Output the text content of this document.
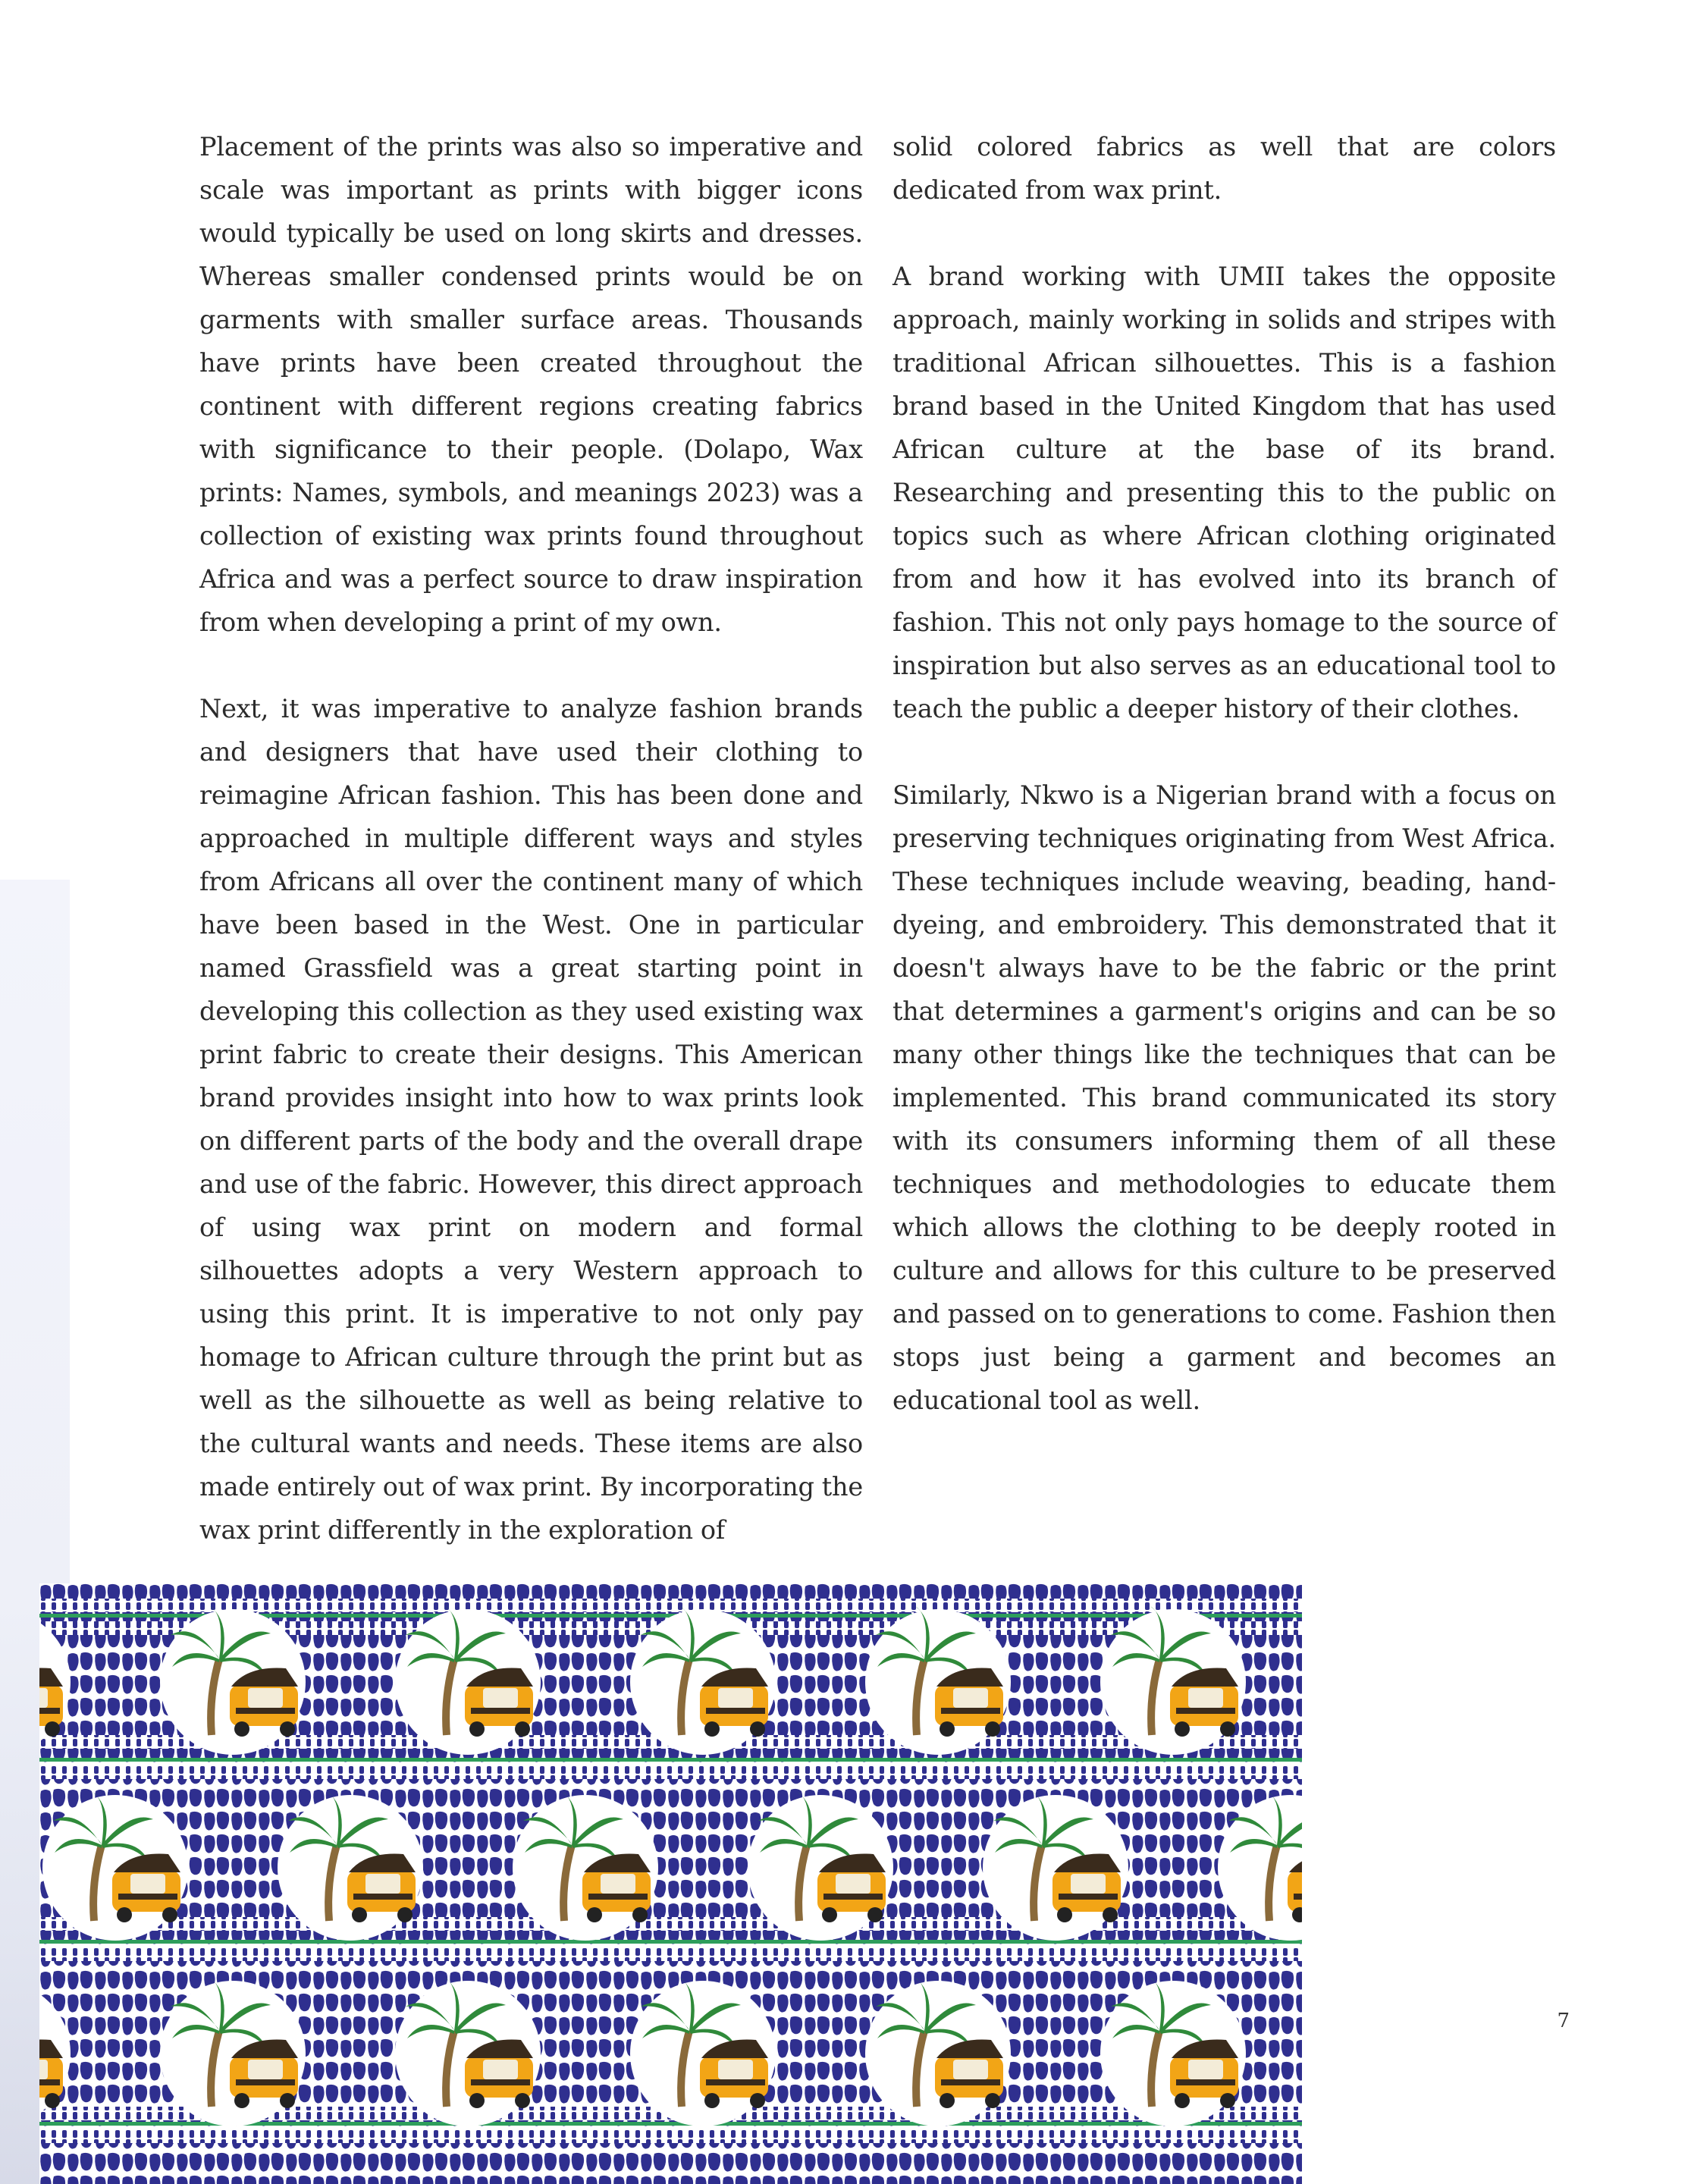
Placement of the prints was also so imperative and scale was important as prints with bigger icons would typically be used on long skirts and dresses. Whereas smaller condensed prints would be on garments with smaller surface areas. Thousands have prints have been created throughout the continent with different regions creating fabrics with significance to their people. (Dolapo, Wax prints: Names, symbols, and meanings 2023) was a collection of existing wax prints found throughout Africa and was a perfect source to draw inspiration from when developing a print of my own.

Next, it was imperative to analyze fashion brands and designers that have used their clothing to reimagine African fashion. This has been done and approached in multiple different ways and styles from Africans all over the continent many of which have been based in the West. One in particular named Grassfield was a great starting point in developing this collection as they used existing wax print fabric to create their designs. This American brand provides insight into how to wax prints look on different parts of the body and the overall drape and use of the fabric. However, this direct approach of using wax print on modern and formal silhouettes adopts a very Western approach to using this print. It is imperative to not only pay homage to African culture through the print but as well as the silhouette as well as being relative to the cultural wants and needs. These items are also made entirely out of wax print. By incorporating the wax print differently in the exploration of

solid colored fabrics as well that are colors dedicated from wax print.

A brand working with UMII takes the opposite approach, mainly working in solids and stripes with traditional African silhouettes. This is a fashion brand based in the United Kingdom that has used African culture at the base of its brand. Researching and presenting this to the public on topics such as where African clothing originated from and how it has evolved into its branch of fashion. This not only pays homage to the source of inspiration but also serves as an educational tool to teach the public a deeper history of their clothes.

Similarly, Nkwo is a Nigerian brand with a focus on preserving techniques originating from West Africa. These techniques include weaving, beading, hand-dyeing, and embroidery. This demonstrated that it doesn't always have to be the fabric or the print that determines a garment's origins and can be so many other things like the techniques that can be implemented. This brand communicated its story with its consumers informing them of all these techniques and methodologies to educate them which allows the clothing to be deeply rooted in culture and allows for this culture to be preserved and passed on to generations to come. Fashion then stops just being a garment and becomes an educational tool as well.

7
